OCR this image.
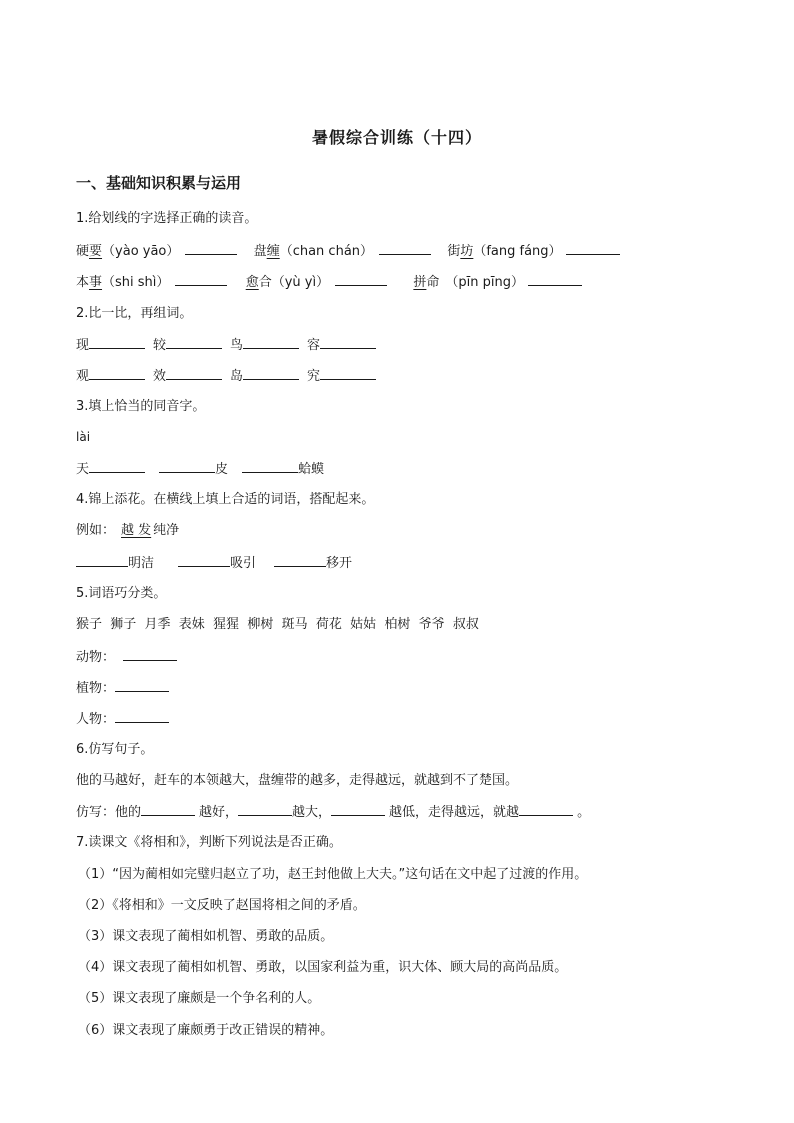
暑假综合训练（十四）
一、基础知识积累与运用
1.给划线的字选择正确的读音。
硬要（yào yāo）	盘缠（chan chán）	街坊（fang fáng）
本事（shi shì）	愈合（yù yì）	拼命 （pīn pīng）
2.比一比，再组词。
现	较	鸟	容
观	效	岛	究
3.填上恰当的同音字。
lài
天	皮	蛤蟆
4.锦上添花。在横线上填上合适的词语，搭配起来。
例如： 越 发 纯净
明洁	吸引	移开
5.词语巧分类。
猴子  狮子  月季  表妹  猩猩  柳树  斑马  荷花  姑姑  柏树  爷爷  叔叔
动物：
植物：
人物：
6.仿写句子。
他的马越好，赶车的本领越大，盘缠带的越多，走得越远，就越到不了楚国。
仿写：他的	越好，	越大，	越低，走得越远，就越	。
7.读课文《将相和》，判断下列说法是否正确。
（1）“因为蔺相如完璧归赵立了功，赵王封他做上大夫。”这句话在文中起了过渡的作用。
（2）《将相和》一文反映了赵国将相之间的矛盾。
（3）课文表现了蔺相如机智、勇敢的品质。
（4）课文表现了蔺相如机智、勇敢，以国家利益为重，识大体、顾大局的高尚品质。
（5）课文表现了廉颇是一个争名利的人。
（6）课文表现了廉颇勇于改正错误的精神。
